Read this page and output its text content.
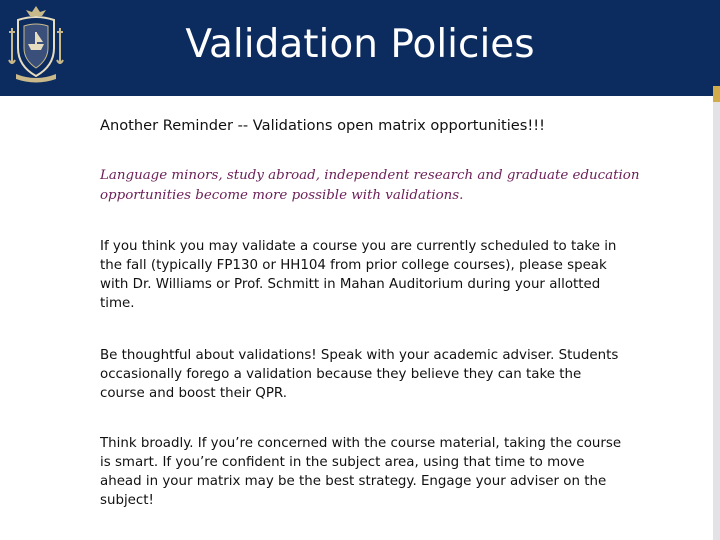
Validation Policies
Another Reminder -- Validations open matrix opportunities!!!
Language minors, study abroad, independent research and graduate education opportunities become more possible with validations.
If you think you may validate a course you are currently scheduled to take in the fall (typically FP130 or HH104 from prior college courses), please speak with Dr. Williams or Prof. Schmitt in Mahan Auditorium during your allotted time.
Be thoughtful about validations! Speak with your academic adviser. Students occasionally forego a validation because they believe they can take the course and boost their QPR.
Think broadly. If you’re concerned with the course material, taking the course is smart. If you’re confident in the subject area, using that time to move ahead in your matrix may be the best strategy. Engage your adviser on the subject!
